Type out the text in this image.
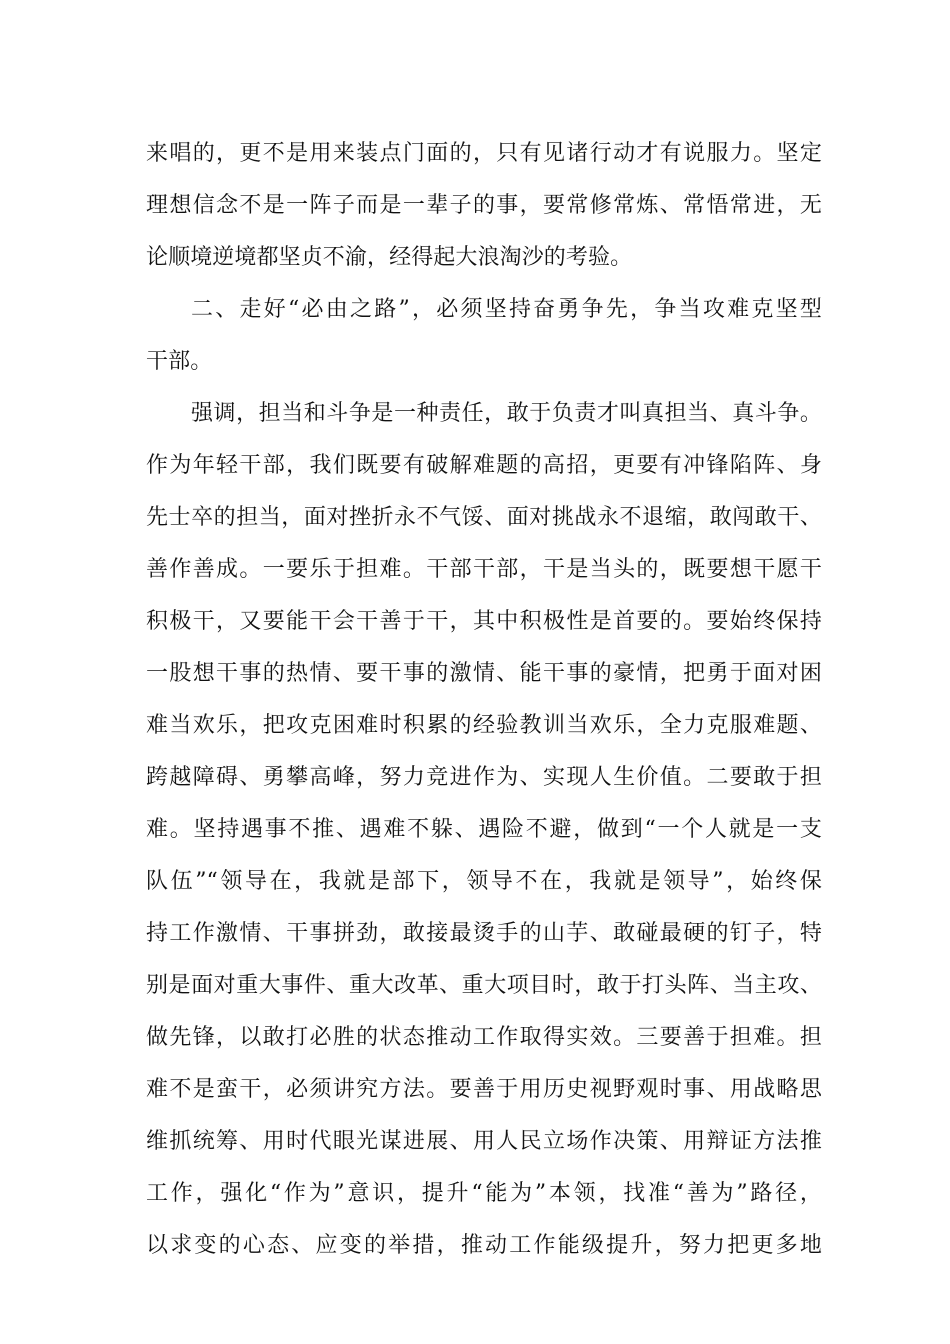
来唱的，更不是用来装点门面的，只有见诸行动才有说服力。坚定
理想信念不是一阵子而是一辈子的事，要常修常炼、常悟常进，无
论顺境逆境都坚贞不渝，经得起大浪淘沙的考验。
二、走好“必由之路”，必须坚持奋勇争先，争当攻难克坚型
干部。
强调，担当和斗争是一种责任，敢于负责才叫真担当、真斗争。
作为年轻干部，我们既要有破解难题的高招，更要有冲锋陷阵、身
先士卒的担当，面对挫折永不气馁、面对挑战永不退缩，敢闯敢干、
善作善成。一要乐于担难。干部干部，干是当头的，既要想干愿干
积极干，又要能干会干善于干，其中积极性是首要的。要始终保持
一股想干事的热情、要干事的激情、能干事的豪情，把勇于面对困
难当欢乐，把攻克困难时积累的经验教训当欢乐，全力克服难题、
跨越障碍、勇攀高峰，努力竞进作为、实现人生价值。二要敢于担
难。坚持遇事不推、遇难不躲、遇险不避，做到“一个人就是一支
队伍”“领导在，我就是部下，领导不在，我就是领导”，始终保
持工作激情、干事拼劲，敢接最烫手的山芋、敢碰最硬的钉子，特
别是面对重大事件、重大改革、重大项目时，敢于打头阵、当主攻、
做先锋，以敢打必胜的状态推动工作取得实效。三要善于担难。担
难不是蛮干，必须讲究方法。要善于用历史视野观时事、用战略思
维抓统筹、用时代眼光谋进展、用人民立场作决策、用辩证方法推
工作，强化“作为”意识，提升“能为”本领，找准“善为”路径，
以求变的心态、应变的举措，推动工作能级提升，努力把更多地
